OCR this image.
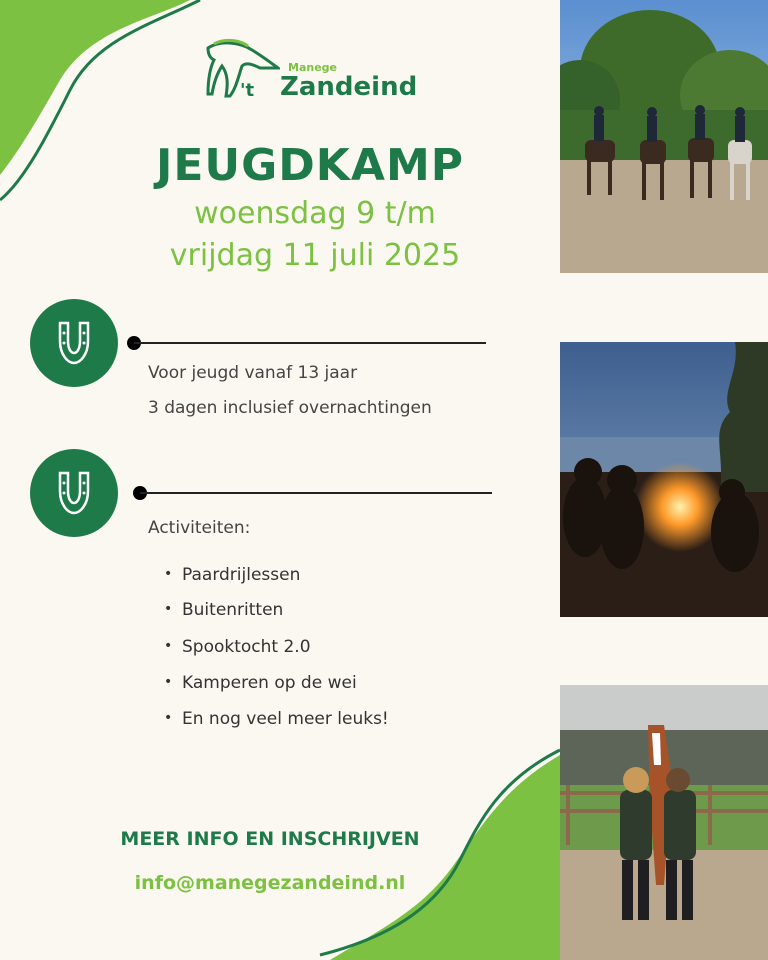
Manege
't Zandeind
JEUGDKAMP
woensdag 9 t/m
vrijdag 11 juli 2025
Voor jeugd vanaf 13 jaar
3 dagen inclusief overnachtingen
Activiteiten:
• Paardrijlessen
• Buitenritten
• Spooktocht 2.0
• Kamperen op de wei
• En nog veel meer leuks!
MEER INFO EN INSCHRIJVEN
info@manegezandeind.nl
